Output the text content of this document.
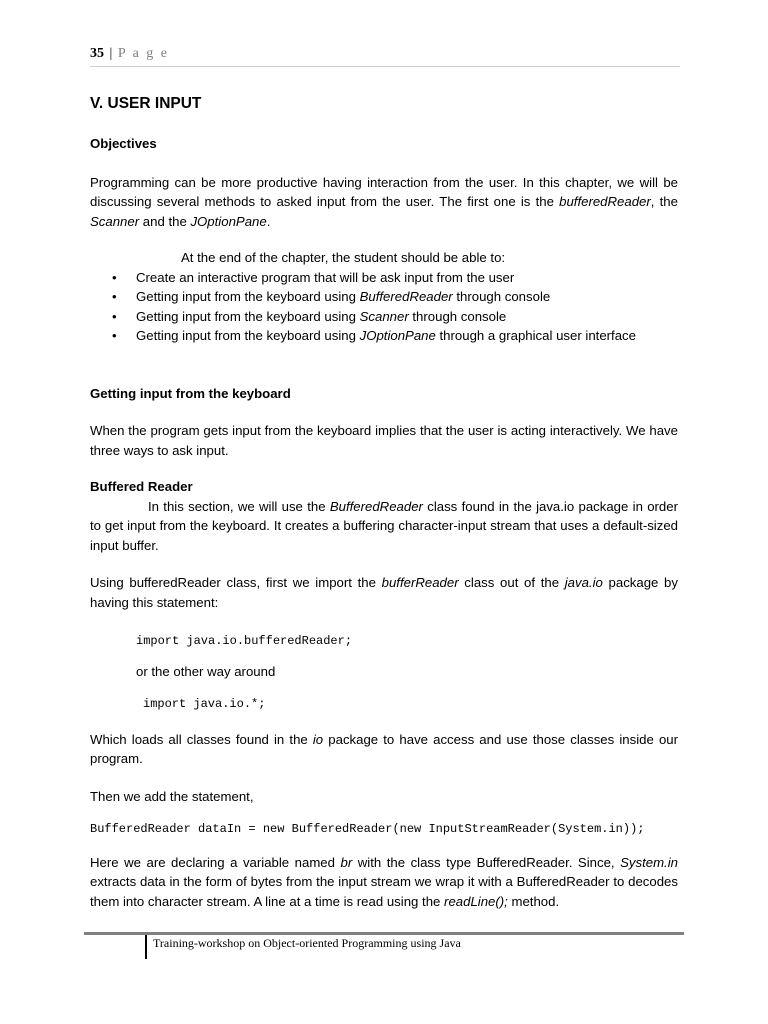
35 | P a g e

V. USER INPUT

Objectives

Programming can be more productive having interaction from the user. In this chapter, we will be discussing several methods to asked input from the user. The first one is the bufferedReader, the Scanner and the JOptionPane.

At the end of the chapter, the student should be able to:

• Create an interactive program that will be ask input from the user
• Getting input from the keyboard using BufferedReader through console
• Getting input from the keyboard using Scanner through console
• Getting input from the keyboard using JOptionPane through a graphical user interface

Getting input from the keyboard

When the program gets input from the keyboard implies that the user is acting interactively. We have three ways to ask input.

Buffered Reader

In this section, we will use the BufferedReader class found in the java.io package in order to get input from the keyboard. It creates a buffering character-input stream that uses a default-sized input buffer.

Using bufferedReader class, first we import the bufferReader class out of the java.io package by having this statement:

import java.io.bufferedReader;

or the other way around

import java.io.*;

Which loads all classes found in the io package to have access and use those classes inside our program.

Then we add the statement,

BufferedReader dataIn = new BufferedReader(new InputStreamReader(System.in));

Here we are declaring a variable named br with the class type BufferedReader. Since, System.in extracts data in the form of bytes from the input stream we wrap it with a BufferedReader to decodes them into character stream. A line at a time is read using the readLine(); method.

Training-workshop on Object-oriented Programming using Java
